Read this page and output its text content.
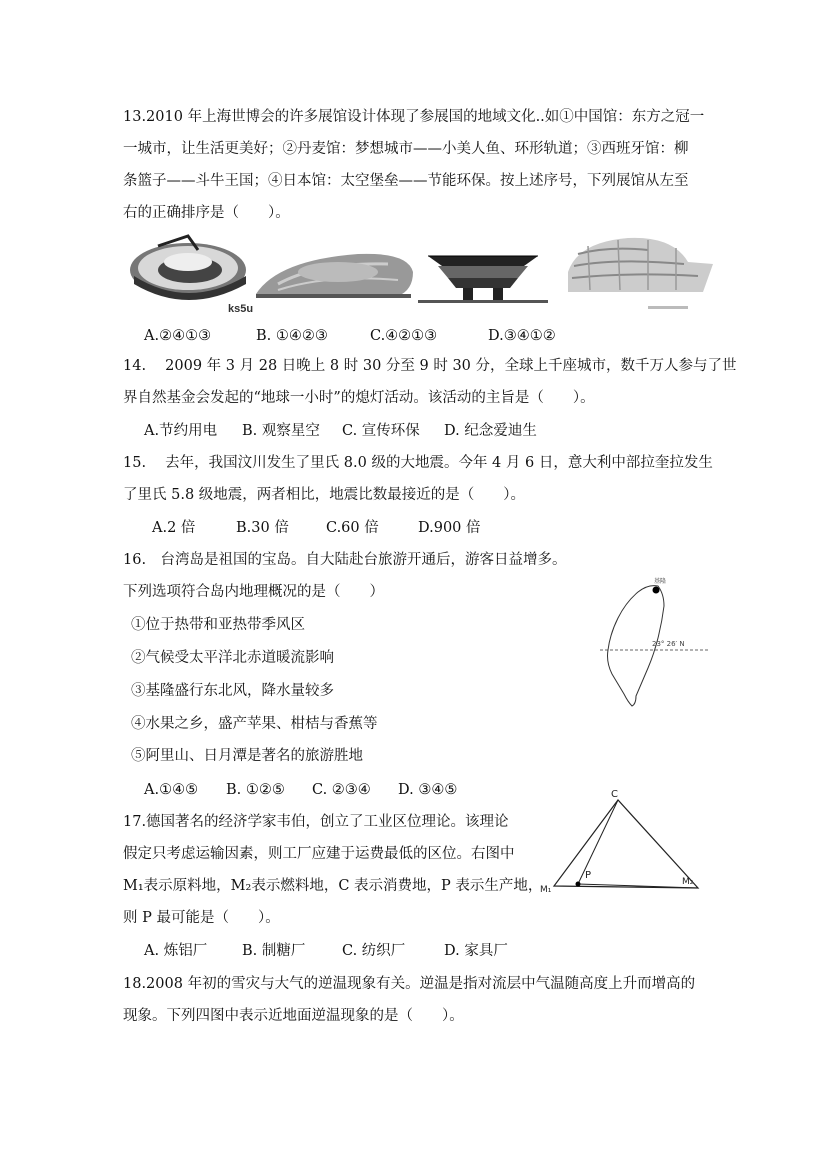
13.2010 年上海世博会的许多展馆设计体现了参展国的地域文化..如①中国馆：东方之冠一
一城市，让生活更美好；②丹麦馆：梦想城市——小美人鱼、环形轨道；③西班牙馆：柳
条篮子——斗牛王国；④日本馆：太空堡垒——节能环保。按上述序号，下列展馆从左至
右的正确排序是（　　）。
ks5u
A.②④①③	B. ①④②③	C.④②①③	D.③④①②
14.　 2009 年 3 月 28 日晚上 8 时 30 分至 9 时 30 分，全球上千座城市，数千万人参与了世
界自然基金会发起的“地球一小时”的熄灯活动。该活动的主旨是（　　）。
A.节约用电 B. 观察星空 C. 宣传环保 D. 纪念爱迪生
15.　 去年，我国汶川发生了里氏 8.0 级的大地震。今年 4 月 6 日，意大利中部拉奎拉发生
了里氏 5.8 级地震，两者相比，地震比数最接近的是（　　）。
A.2 倍	B.30 倍	C.60 倍	D.900 倍
16.　台湾岛是祖国的宝岛。自大陆赴台旅游开通后，游客日益增多。
下列选项符合岛内地理概况的是（　　）
①位于热带和亚热带季风区
②气候受太平洋北赤道暖流影响
③基隆盛行东北风，降水量较多
④水果之乡，盛产苹果、柑桔与香蕉等
⑤阿里山、日月潭是著名的旅游胜地
基隆
23° 26′ N
A.①④⑤ B. ①②⑤ C. ②③④ D. ③④⑤
17.德国著名的经济学家韦伯，创立了工业区位理论。该理论
假定只考虑运输因素，则工厂应建于运费最低的区位。右图中
M₁表示原料地，M₂表示燃料地，C 表示消费地，P 表示生产地，
则 P 最可能是（　　）。
C
P
M₁
M₂
A. 炼铝厂 B. 制糖厂	C. 纺织厂	D. 家具厂
18.2008 年初的雪灾与大气的逆温现象有关。逆温是指对流层中气温随高度上升而增高的
现象。下列四图中表示近地面逆温现象的是（　　）。
